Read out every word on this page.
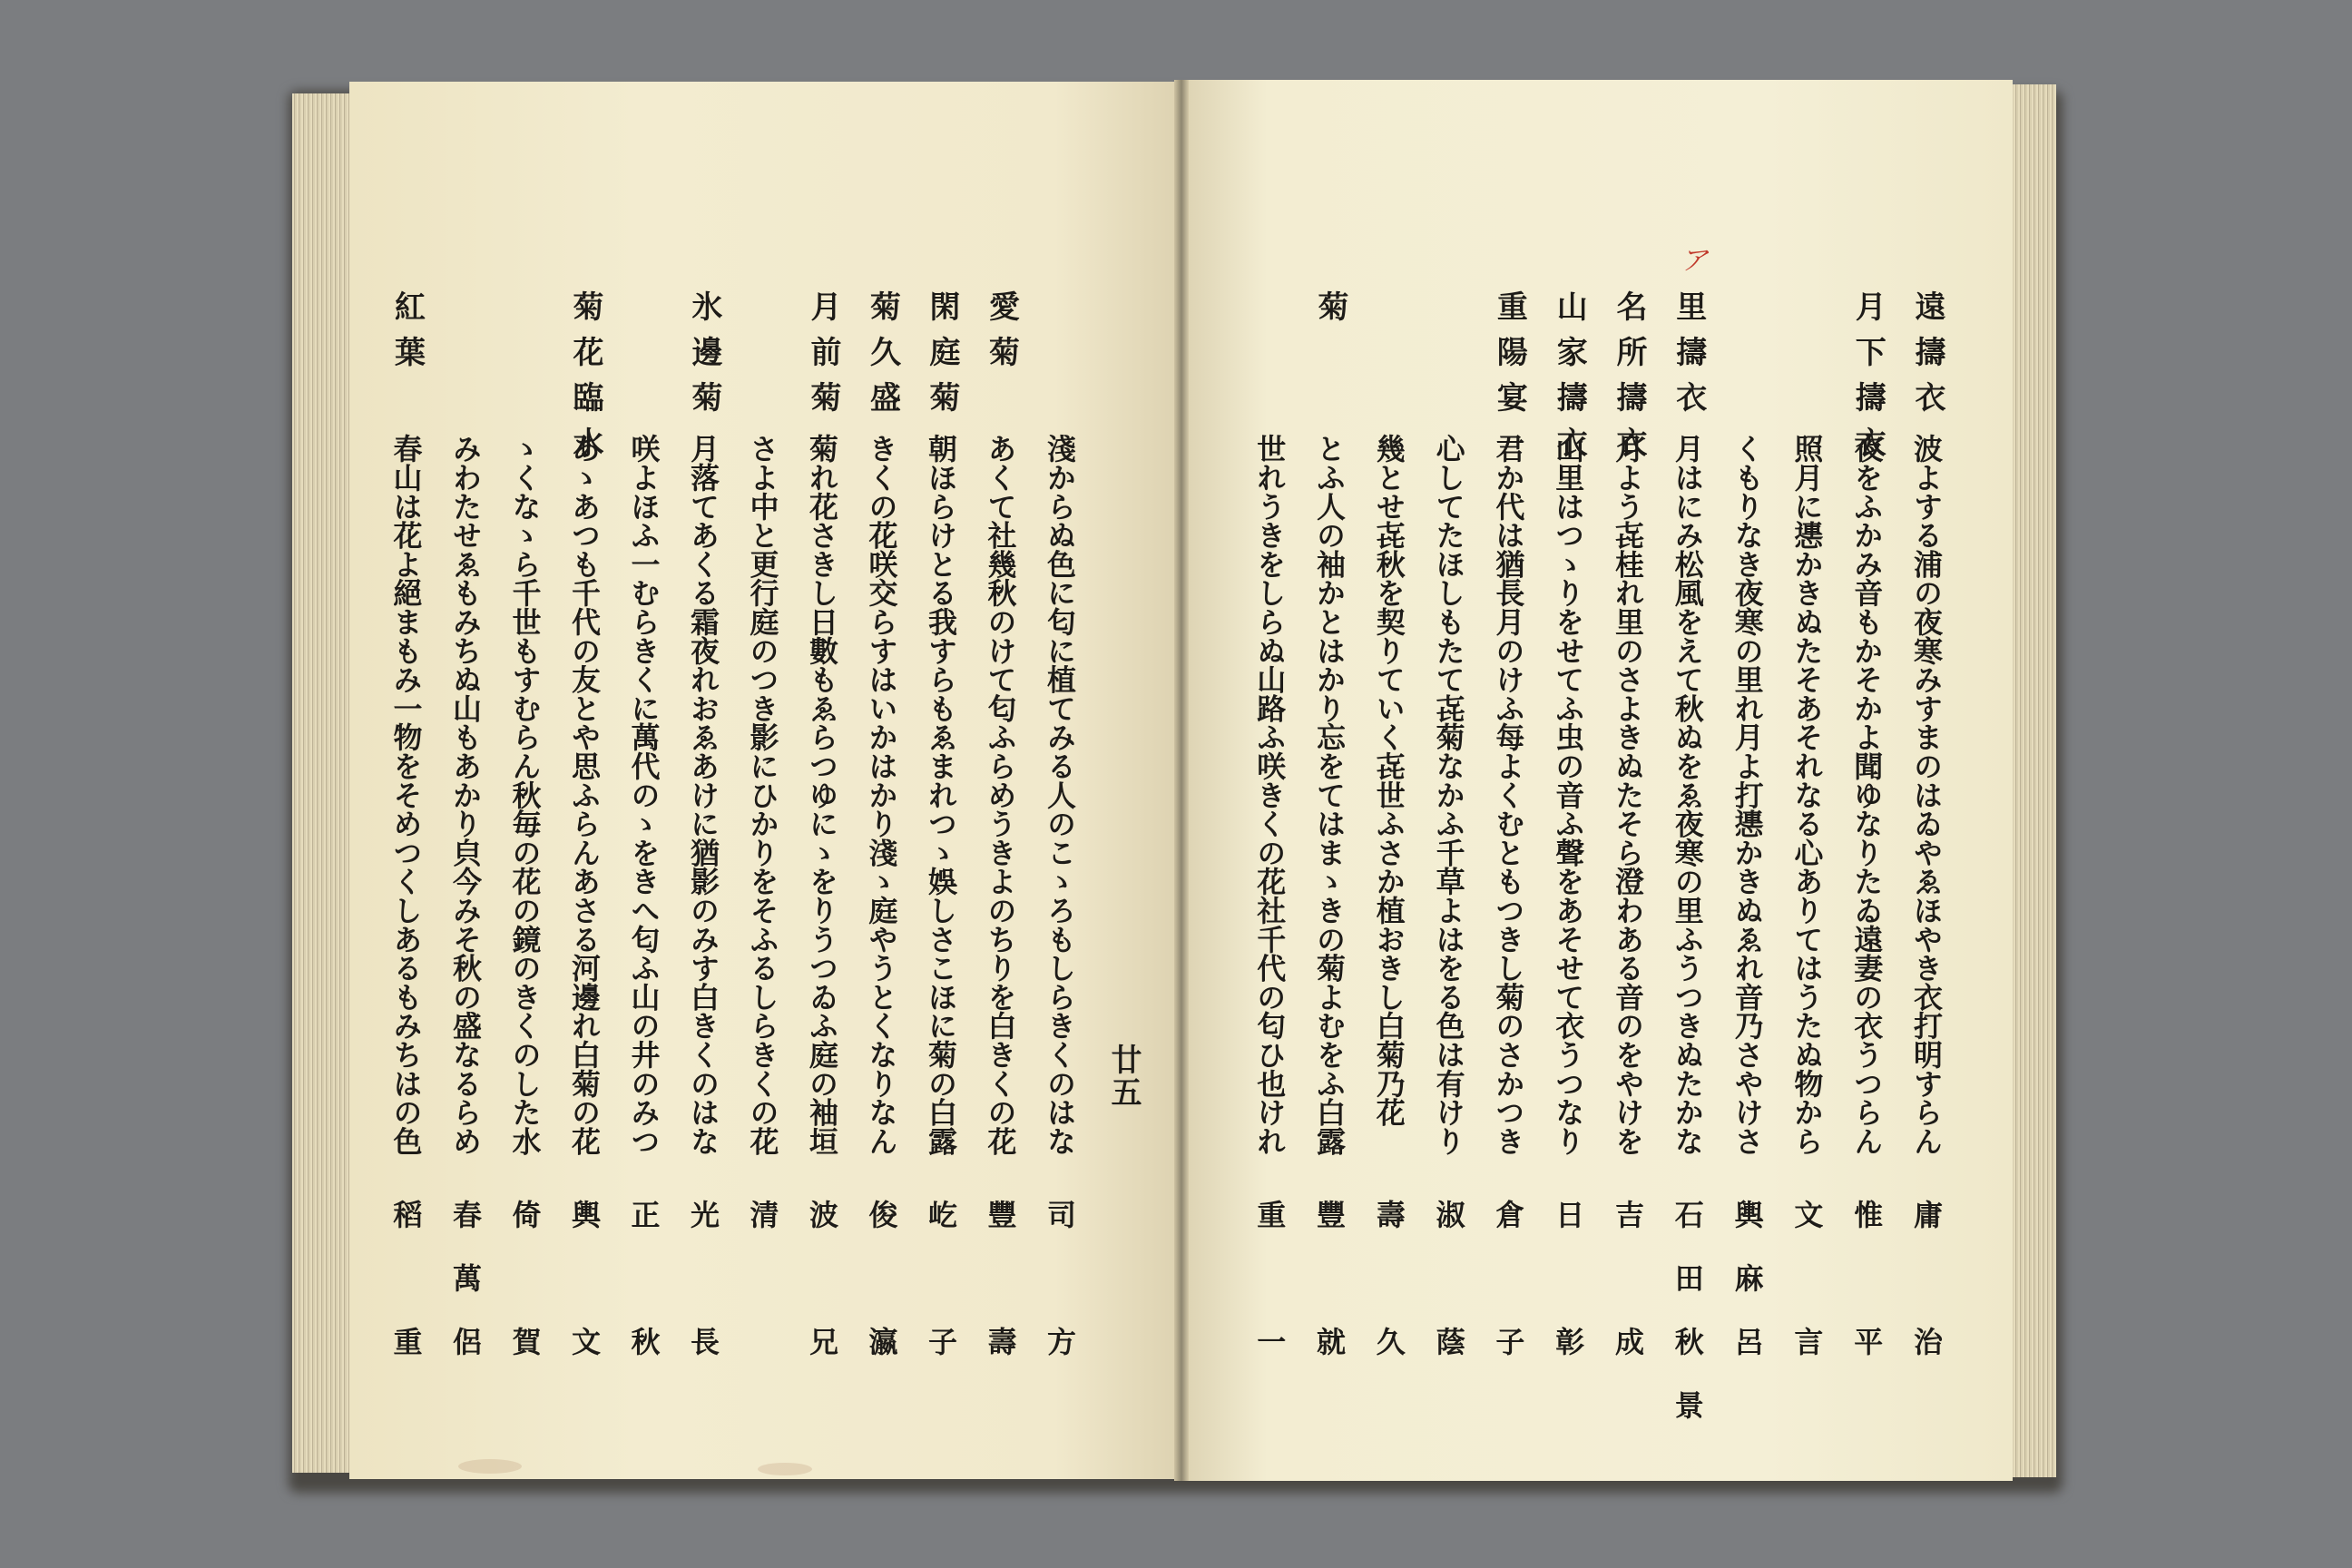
廿五
ア
淺からぬ色に匂に植てみる人のこゝろもしらきくのはな
司　方
愛菊
あくて社幾秋のけて匂ふらめうきよのちりを白きくの花
豐　壽
閑庭菊
朝ほらけとる我すらもゑまれつゝ娛しさこほに菊の白露
屹　子
菊久盛
きくの花咲交らすはいかはかり淺ゝ庭やうとくなりなん
俊　瀛
月前菊
菊れ花さきし日數もゑらつゆにゝをりうつゐふ庭の袖垣
波　兄
さよ中と更行庭のつき影にひかりをそふるしらきくの花
清
氷邊菊
月落てあくる霜夜れおゑあけに猶影のみす白きくのはな
光　長
咲よほふ一むらきくに萬代のゝをきへ匂ふ山の井のみつ
正　秋
菊花臨水
あゝあつも千代の友とや思ふらんあさる河邊れ白菊の花
輿　文
ゝくなゝら千世もすむらん秋毎の花の鏡のきくのした水
倚　賀
みわたせゑもみちぬ山もあかり㒵今みそ秋の盛なるらめ
春萬侶
紅葉
春山は花よ絕まもみ一物をそめつくしあるもみちはの色
稻　重
遠擣衣
波よする浦の夜寒みすまのはゐやゑほやき衣打明すらん
庸　治
月下擣衣
夜をふかみ音もかそかよ聞ゆなりたゐ遠妻の衣うつらん
惟　平
照月に㦁かきぬたそあそれなる心ありてはうたぬ物から
文　言
くもりなき夜寒の里れ月よ打㦁かきぬゑれ音乃さやけさ
輿麻呂
里擣衣
月はにみ松風をえて秋ぬをゑ夜寒の里ふうつきぬたかな
石田秋景
名所擣衣
月よう㐂桂れ里のさよきぬたそら澄わある音のをやけを
吉　成
山家擣衣
山里はつゝりをせてふ虫の音ふ聲をあそせて衣うつなり
日　彰
重陽宴
君か代は猶長月のけふ每よくむともつきし菊のさかつき
倉　子
心してたほしもたて㐂菊なかふ千草よはをる色は有けり
淑　蔭
幾とせ㐂秋を契りていく㐂世ふさか植おきし白菊乃花
壽　久
菊
とふ人の袖かとはかり忘をてはまゝきの菊よむをふ白露
豐　就
世れうきをしらぬ山路ふ咲きくの花社千代の匂ひ也けれ
重　一
